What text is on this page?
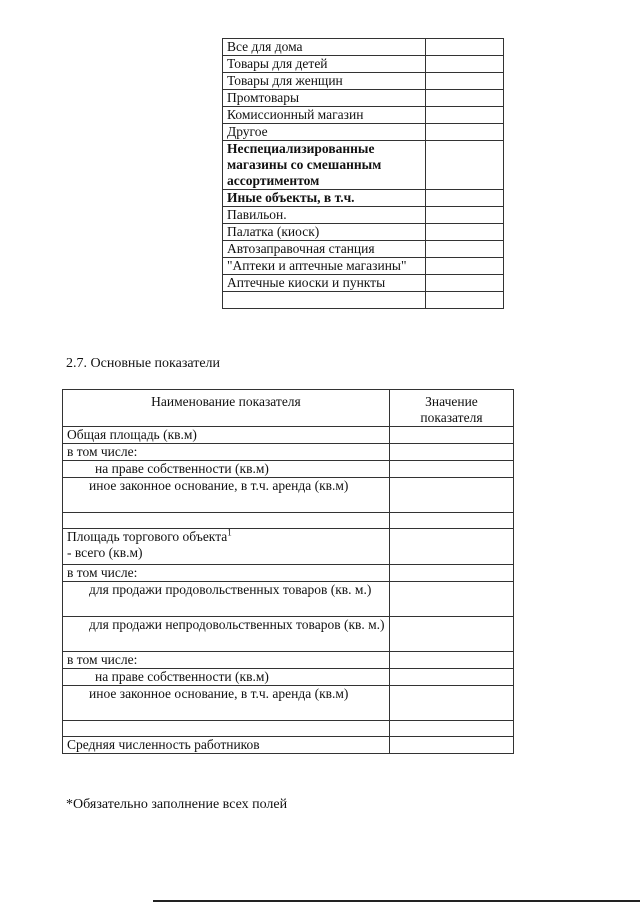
Все для дома	
Товары для детей	
Товары для женщин	
Промтовары	
Комиссионный магазин	
Другое	
Неспециализированные магазины со смешанным ассортиментом	
Иные объекты, в т.ч.	
Павильон.	
Палатка (киоск)	
Автозаправочная станция	
"Аптеки и аптечные магазины"	
Аптечные киоски и пункты	

2.7. Основные показатели
Наименование показателя	Значение показателя
Общая площадь (кв.м)	
в том числе:	
на праве собственности (кв.м)	
иное законное основание, в т.ч. аренда (кв.м)	

Площадь торгового объекта$^1$
- всего (кв.м)	
в том числе:	
для продажи продовольственных товаров (кв. м.)	
для продажи непродовольственных товаров (кв. м.)	
в том числе:	
на праве собственности (кв.м)	
иное законное основание, в т.ч. аренда (кв.м)	

Средняя численность работников	
*Обязательно заполнение всех полей
